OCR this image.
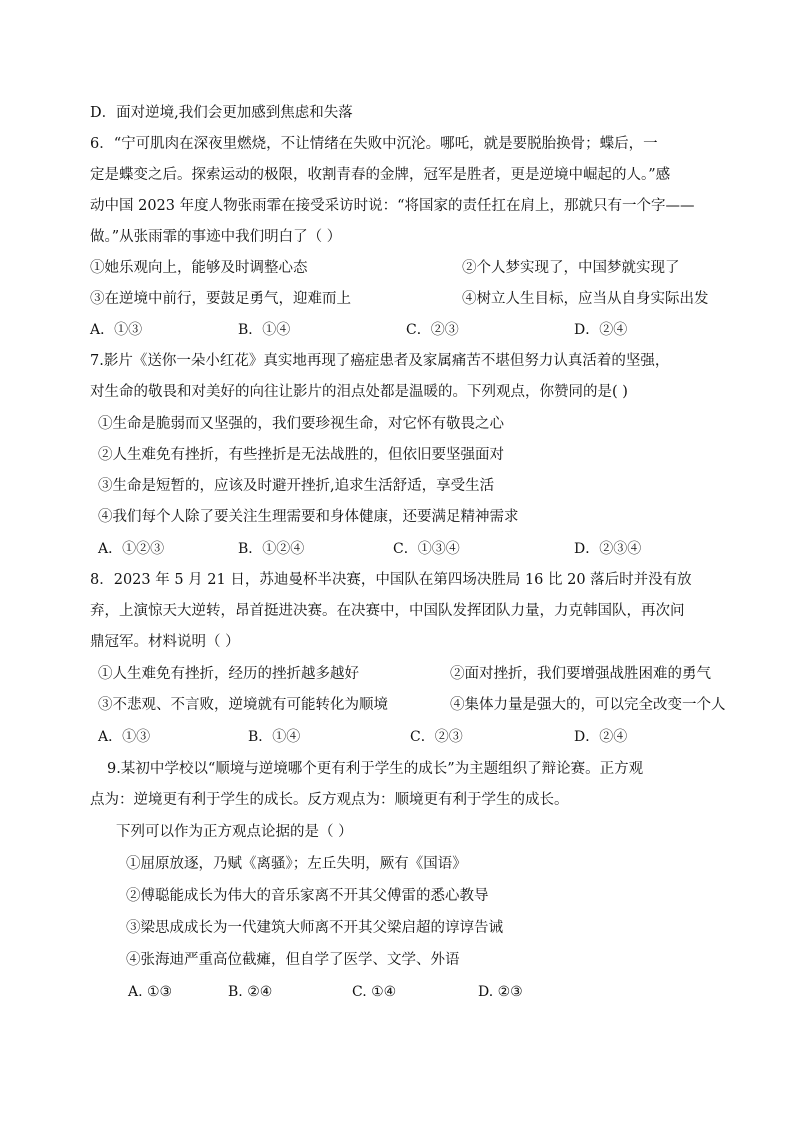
D．面对逆境,我们会更加感到焦虑和失落
6．“宁可肌肉在深夜里燃烧，不让情绪在失败中沉沦。哪吒，就是要脱胎换骨；蝶后，一
定是蝶变之后。探索运动的极限，收割青春的金牌，冠军是胜者，更是逆境中崛起的人。”感
动中国 2023 年度人物张雨霏在接受采访时说：“将国家的责任扛在肩上，那就只有一个字——
做。”从张雨霏的事迹中我们明白了（ ）
①她乐观向上，能够及时调整心态	②个人梦实现了，中国梦就实现了
③在逆境中前行，要鼓足勇气，迎难而上	④树立人生目标，应当从自身实际出发
A．①③	B．①④	C．②③	D．②④
7.影片《送你一朵小红花》真实地再现了癌症患者及家属痛苦不堪但努力认真活着的坚强，
对生命的敬畏和对美好的向往让影片的泪点处都是温暖的。下列观点，你赞同的是( )
①生命是脆弱而又坚强的，我们要珍视生命，对它怀有敬畏之心
②人生难免有挫折，有些挫折是无法战胜的，但依旧要坚强面对
③生命是短暂的，应该及时避开挫折,追求生活舒适，享受生活
④我们每个人除了要关注生理需要和身体健康，还要满足精神需求
A．①②③	B．①②④	C．①③④	D．②③④
8．2023 年 5 月 21 日，苏迪曼杯半决赛，中国队在第四场决胜局 16 比 20 落后时并没有放
弃，上演惊天大逆转，昂首挺进决赛。在决赛中，中国队发挥团队力量，力克韩国队，再次问
鼎冠军。材料说明（ ）
①人生难免有挫折，经历的挫折越多越好	②面对挫折，我们要增强战胜困难的勇气
③不悲观、不言败，逆境就有可能转化为顺境	④集体力量是强大的，可以完全改变一个人
A．①③	B．①④	C．②③	D．②④
9.某初中学校以“顺境与逆境哪个更有利于学生的成长”为主题组织了辩论赛。正方观
点为：逆境更有利于学生的成长。反方观点为：顺境更有利于学生的成长。
下列可以作为正方观点论据的是（ ）
①屈原放逐，乃赋《离骚》；左丘失明，厥有《国语》
②傅聪能成长为伟大的音乐家离不开其父傅雷的悉心教导
③梁思成成长为一代建筑大师离不开其父梁启超的谆谆告诫
④张海迪严重高位截瘫，但自学了医学、文学、外语
A. ①③	B. ②④	C. ①④	D. ②③
